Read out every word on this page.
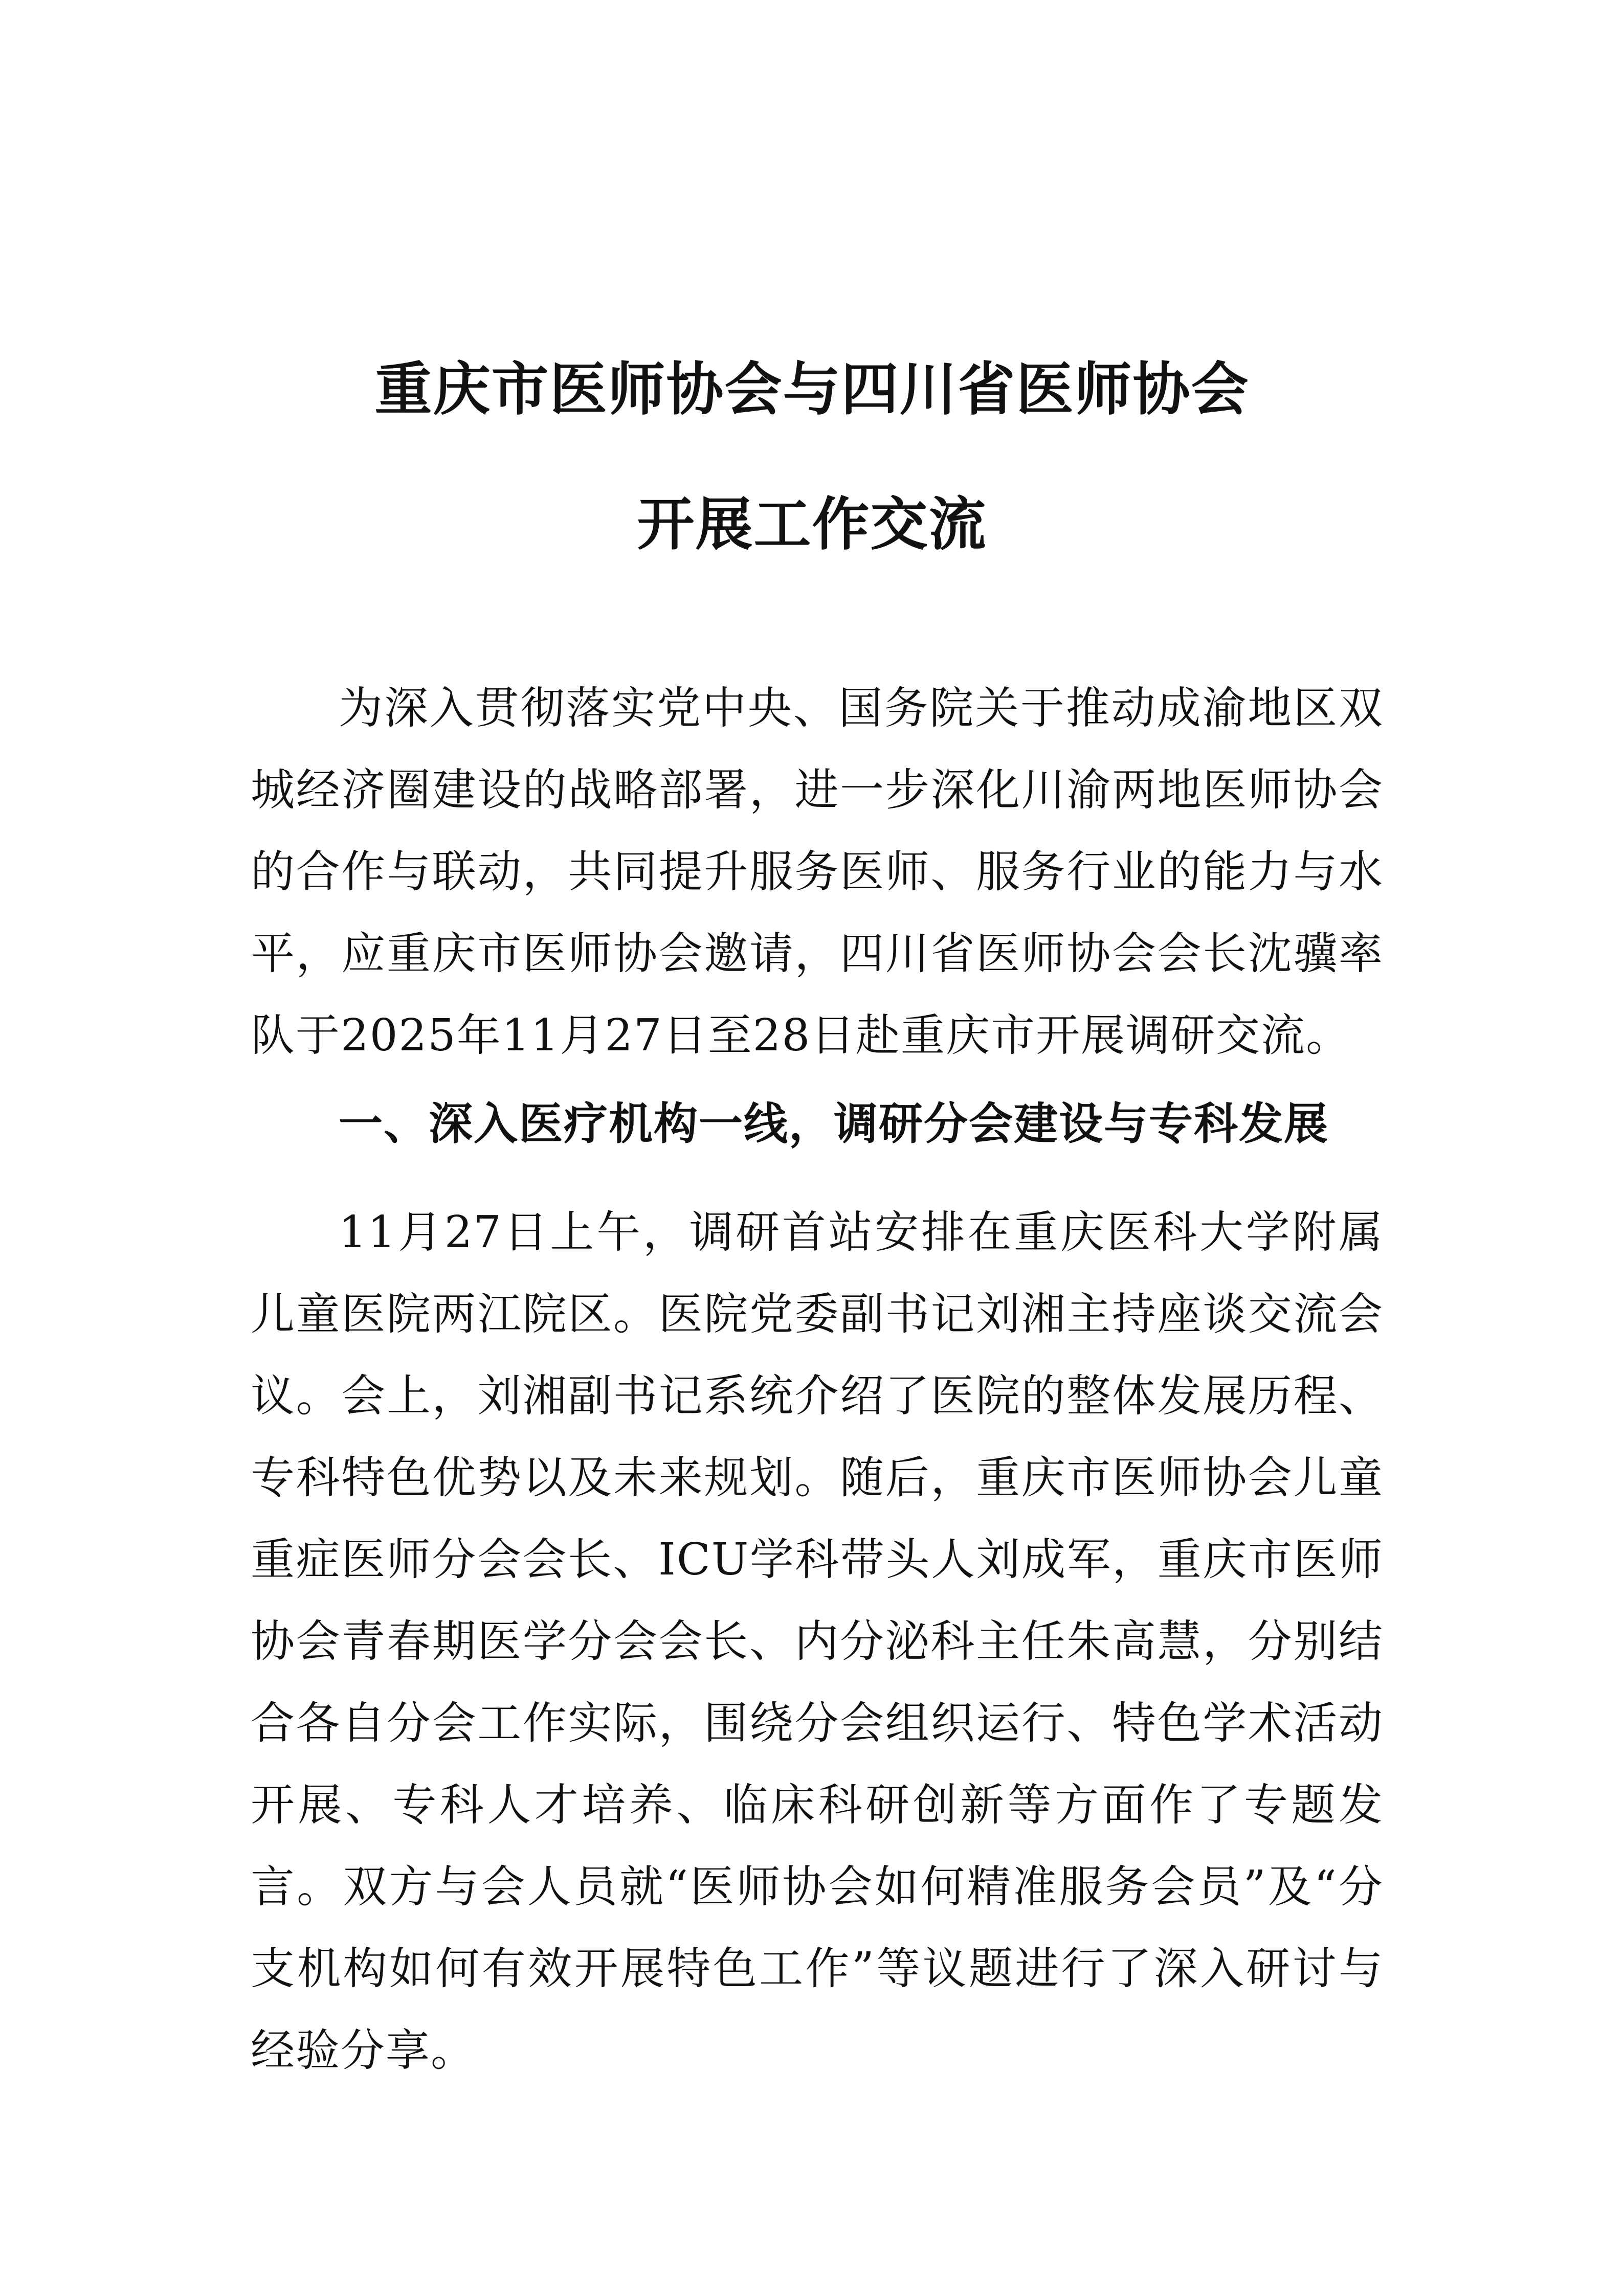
重庆市医师协会与四川省医师协会
开展工作交流

为深入贯彻落实党中央、国务院关于推动成渝地区双城经济圈建设的战略部署，进一步深化川渝两地医师协会的合作与联动，共同提升服务医师、服务行业的能力与水平，应重庆市医师协会邀请，四川省医师协会会长沈骥率队于2025年11月27日至28日赴重庆市开展调研交流。

一、深入医疗机构一线，调研分会建设与专科发展

11月27日上午，调研首站安排在重庆医科大学附属儿童医院两江院区。医院党委副书记刘湘主持座谈交流会议。会上，刘湘副书记系统介绍了医院的整体发展历程、专科特色优势以及未来规划。随后，重庆市医师协会儿童重症医师分会会长、ICU学科带头人刘成军，重庆市医师协会青春期医学分会会长、内分泌科主任朱高慧，分别结合各自分会工作实际，围绕分会组织运行、特色学术活动开展、专科人才培养、临床科研创新等方面作了专题发言。双方与会人员就“医师协会如何精准服务会员”及“分支机构如何有效开展特色工作”等议题进行了深入研讨与经验分享。
